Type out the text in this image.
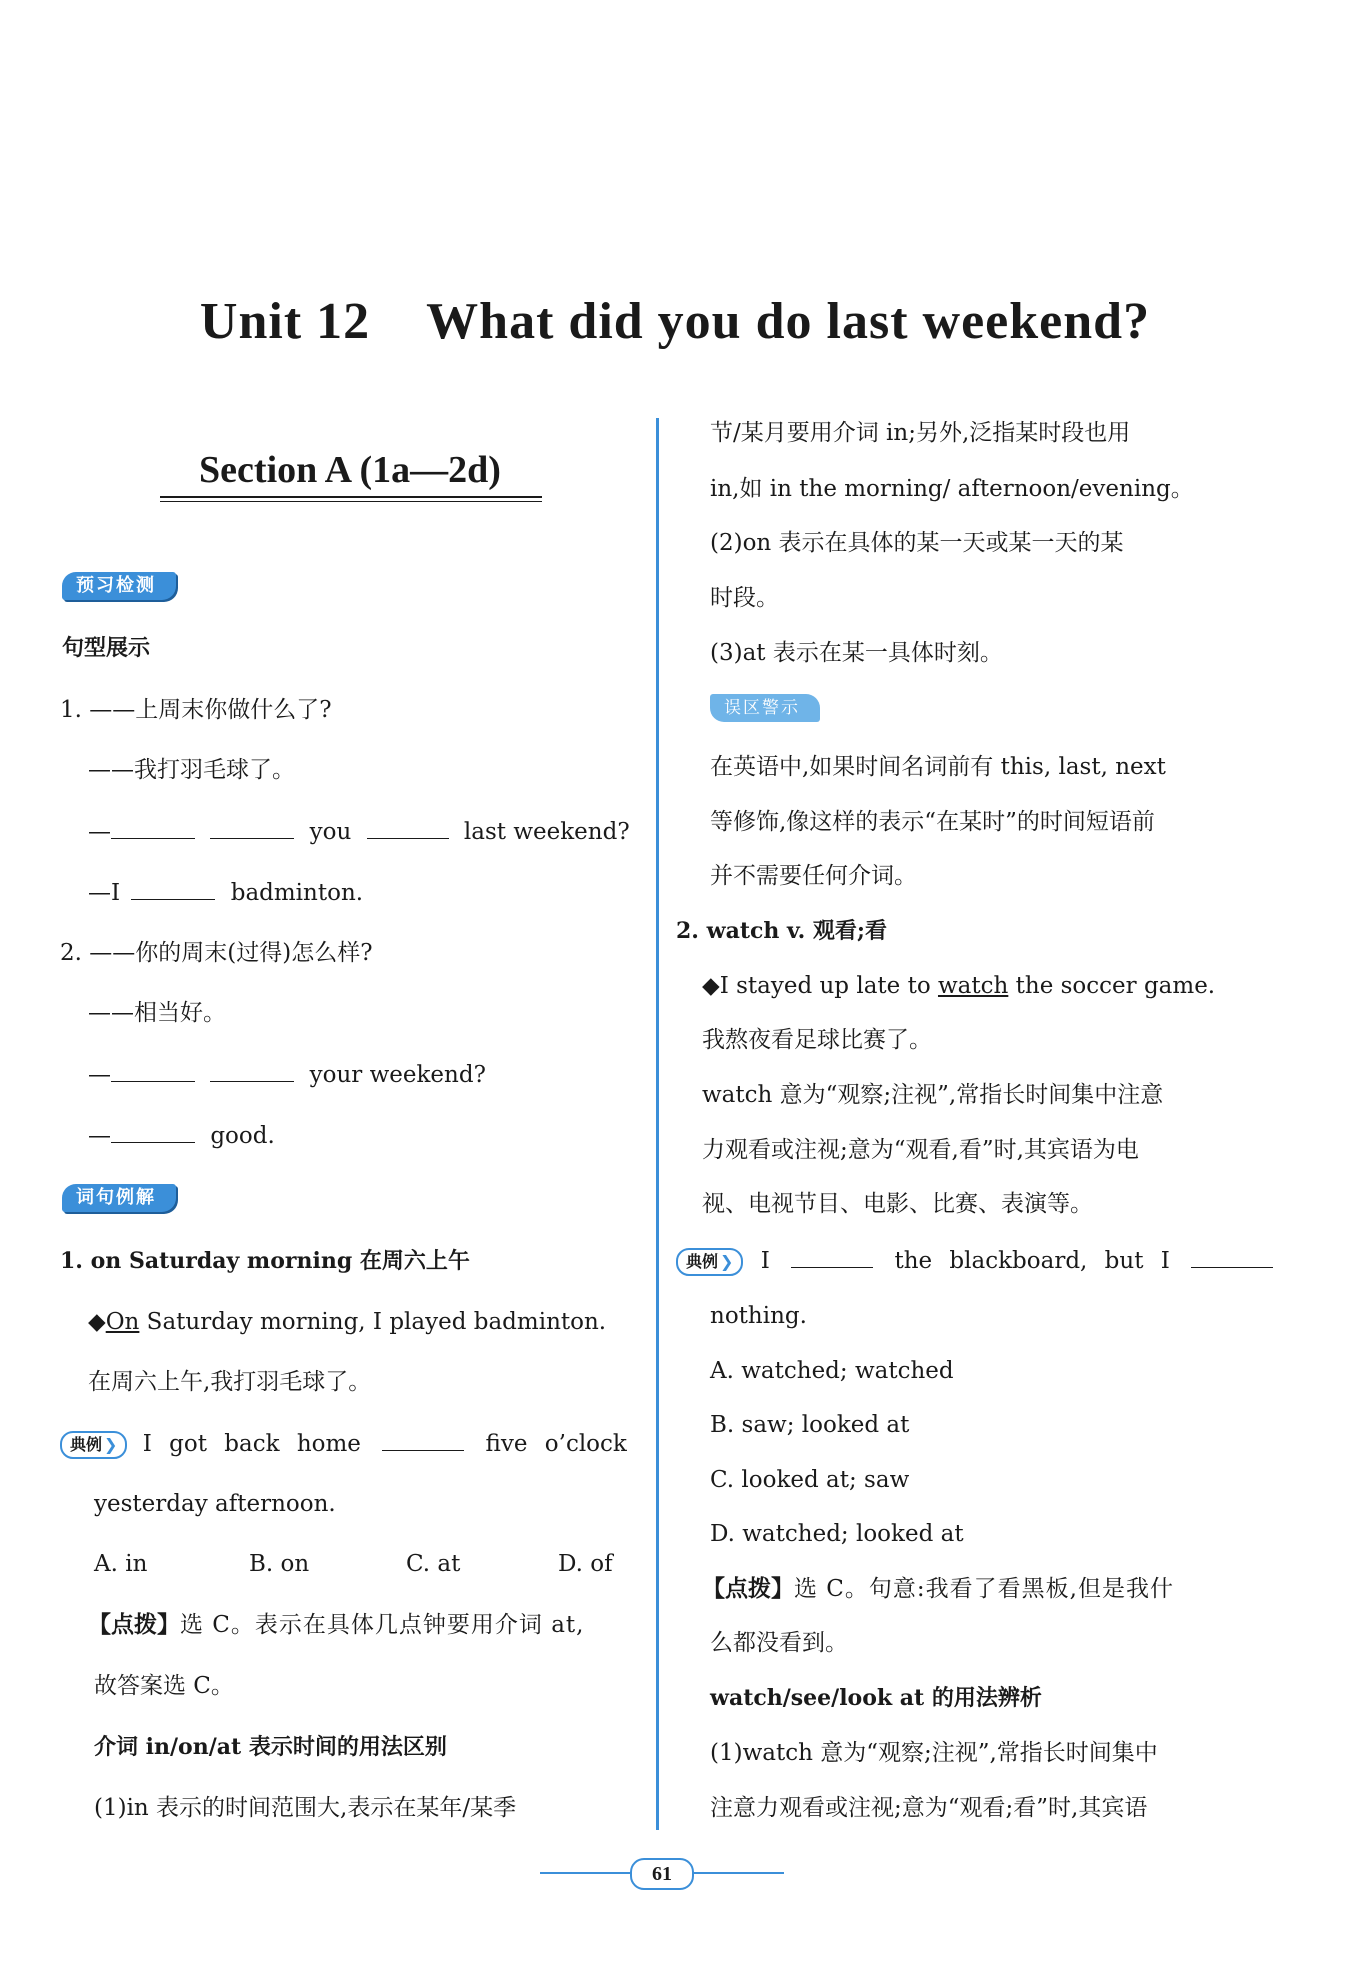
Unit 12 What did you do last weekend?
Section A (1a—2d)
预习检测
句型展示
1. ——上周末你做什么了?
——我打羽毛球了。
—	you	last weekend?
—I	badminton.
2. ——你的周末(过得)怎么样?
——相当好。
—	your weekend?
—	good.
词句例解
1. on Saturday morning 在周六上午
◆On Saturday morning, I played badminton.
在周六上午,我打羽毛球了。
典例 ❯ I got back home	five o’clock
yesterday afternoon.
A. in	B. on	C. at	D. of
【点拨】选 C。表示在具体几点钟要用介词 at,
故答案选 C。
介词 in/on/at 表示时间的用法区别
(1)in 表示的时间范围大,表示在某年/某季
节/某月要用介词 in;另外,泛指某时段也用
in,如 in the morning/ afternoon/evening。
(2)on 表示在具体的某一天或某一天的某
时段。
(3)at 表示在某一具体时刻。
误区警示
在英语中,如果时间名词前有 this, last, next
等修饰,像这样的表示“在某时”的时间短语前
并不需要任何介词。
2. watch v. 观看;看
◆I stayed up late to watch the soccer game.
我熬夜看足球比赛了。
watch 意为“观察;注视”,常指长时间集中注意
力观看或注视;意为“观看,看”时,其宾语为电
视、电视节目、电影、比赛、表演等。
典例 ❯ I	the blackboard, but I
nothing.
A. watched; watched
B. saw; looked at
C. looked at; saw
D. watched; looked at
【点拨】选 C。句意:我看了看黑板,但是我什
么都没看到。
watch/see/look at 的用法辨析
(1)watch 意为“观察;注视”,常指长时间集中
注意力观看或注视;意为“观看;看”时,其宾语
61
